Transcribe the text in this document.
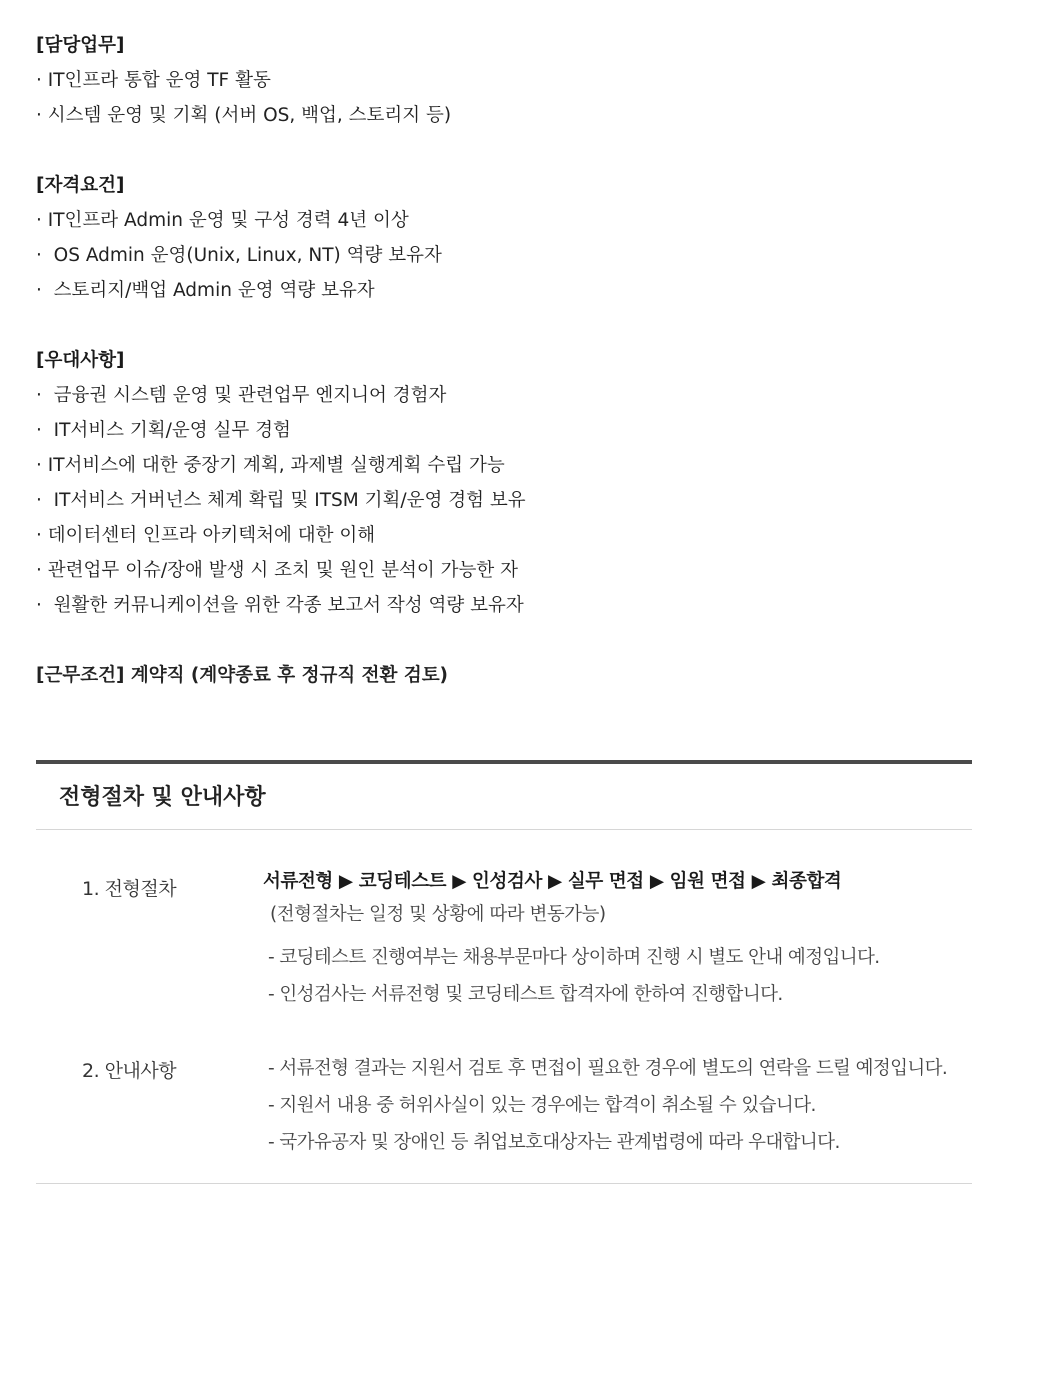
[담당업무]
· IT인프라 통합 운영 TF 활동
· 시스템 운영 및 기획 (서버 OS, 백업, 스토리지 등)
[자격요건]
· IT인프라 Admin 운영 및 구성 경력 4년 이상
·  OS Admin 운영(Unix, Linux, NT) 역량 보유자
·  스토리지/백업 Admin 운영 역량 보유자
[우대사항]
·  금융권 시스템 운영 및 관련업무 엔지니어 경험자
·  IT서비스 기획/운영 실무 경험
· IT서비스에 대한 중장기 계획, 과제별 실행계획 수립 가능
·  IT서비스 거버넌스 체계 확립 및 ITSM 기획/운영 경험 보유
· 데이터센터 인프라 아키텍처에 대한 이해
· 관련업무 이슈/장애 발생 시 조치 및 원인 분석이 가능한 자
·  원활한 커뮤니케이션을 위한 각종 보고서 작성 역량 보유자
[근무조건] 계약직 (계약종료 후 정규직 전환 검토)
전형절차 및 안내사항
1. 전형절차	서류전형 ▶ 코딩테스트 ▶ 인성검사 ▶ 실무 면접 ▶ 임원 면접 ▶ 최종합격
(전형절차는 일정 및 상황에 따라 변동가능)
- 코딩테스트 진행여부는 채용부문마다 상이하며 진행 시 별도 안내 예정입니다.
- 인성검사는 서류전형 및 코딩테스트 합격자에 한하여 진행합니다.
2. 안내사항	- 서류전형 결과는 지원서 검토 후 면접이 필요한 경우에 별도의 연락을 드릴 예정입니다.
- 지원서 내용 중 허위사실이 있는 경우에는 합격이 취소될 수 있습니다.
- 국가유공자 및 장애인 등 취업보호대상자는 관계법령에 따라 우대합니다.
